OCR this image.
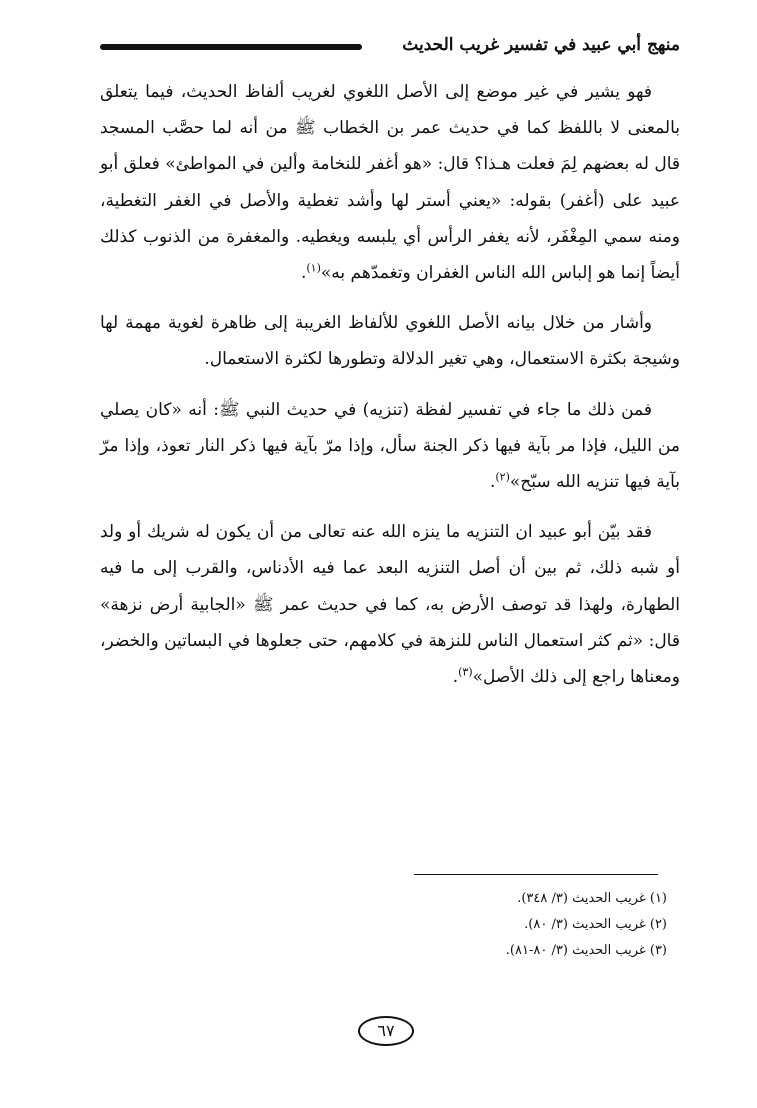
منهج أبي عبيد في تفسير غريب الحديث

فهو يشير في غير موضع إلى الأصل اللغوي لغريب ألفاظ الحديث، فيما يتعلق بالمعنى لا باللفظ كما في حديث عمر بن الخطاب ﷺ من أنه لما حصَّب المسجد قال له بعضهم لِمَ فعلت هـذا؟ قال: «هو أغفر للنخامة وألين في المواطئ» فعلق أبو عبيد على (أغفر) بقوله: «يعني أستر لها وأشد تغطية والأصل في الغفر التغطية، ومنه سمي المِغْفَر، لأنه يغفر الرأس أي يلبسه ويغطيه. والمغفرة من الذنوب كذلك أيضاً إنما هو إلباس الله الناس الغفران وتغمدّهم به»$^{(١)}$.

وأشار من خلال بيانه الأصل اللغوي للألفاظ الغريبة إلى ظاهرة لغوية مهمة لها وشيجة بكثرة الاستعمال، وهي تغير الدلالة وتطورها لكثرة الاستعمال.

فمن ذلك ما جاء في تفسير لفظة (تنزيه) في حديث النبي ﷺ: أنه «كان يصلي من الليل، فإذا مر بآية فيها ذكر الجنة سأل، وإذا مرّ بآية فيها ذكر النار تعوذ، وإذا مرّ بآية فيها تنزيه الله سبّح»$^{(٢)}$.

فقد بيّن أبو عبيد ان التنزيه ما ينزه الله عنه تعالى من أن يكون له شريك أو ولد أو شبه ذلك، ثم بين أن أصل التنزيه البعد عما فيه الأدناس، والقرب إلى ما فيه الطهارة، ولهذا قد توصف الأرض به، كما في حديث عمر ﷺ «الجابية أرض نزهة» قال: «ثم كثر استعمال الناس للنزهة في كلامهم، حتى جعلوها في البساتين والخضر، ومعناها راجع إلى ذلك الأصل»$^{(٣)}$.

(١) غريب الحديث (٣/ ٣٤٨).

(٢) غريب الحديث (٣/ ٨٠).

(٣) غريب الحديث (٣/ ٨٠-٨١).

٦٧
